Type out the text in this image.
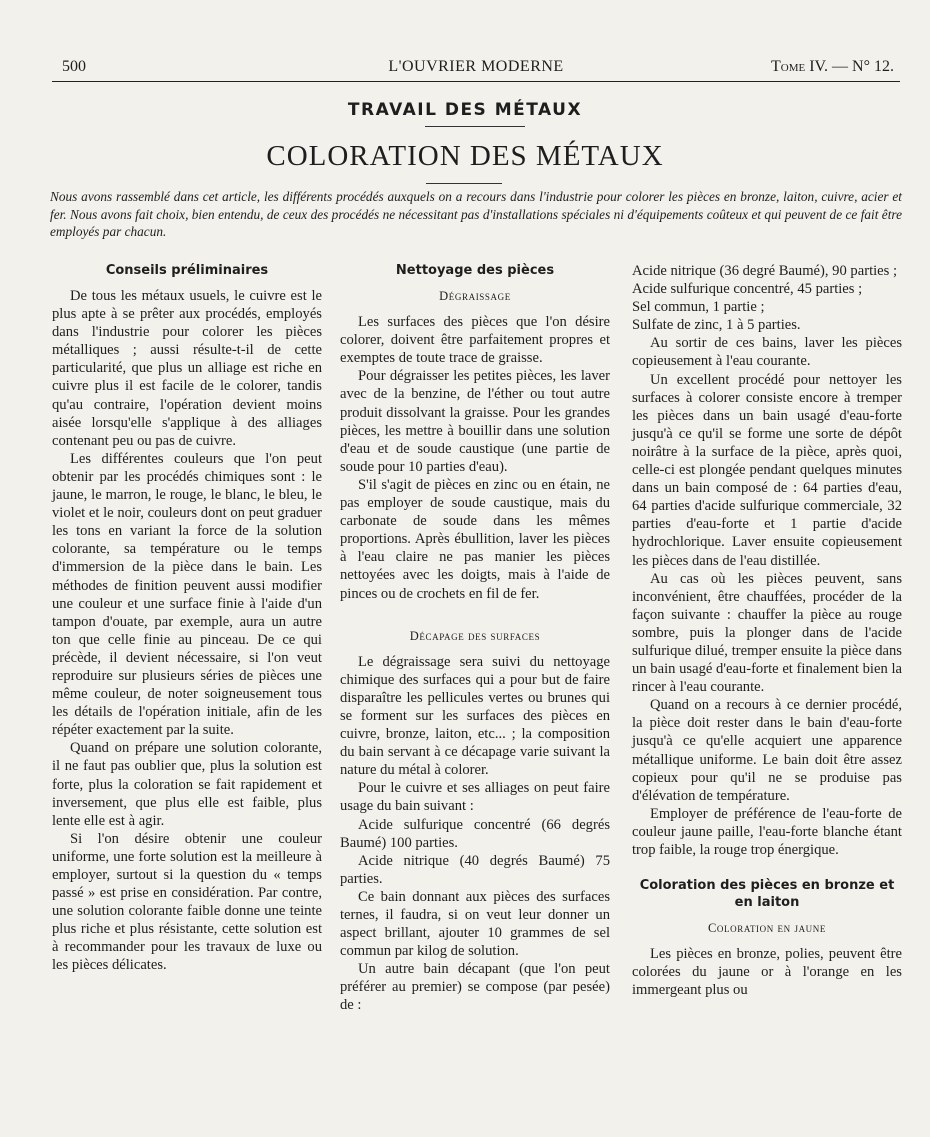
500	L'OUVRIER MODERNE	Tome IV. — N° 12.
TRAVAIL DES MÉTAUX
COLORATION DES MÉTAUX
Nous avons rassemblé dans cet article, les différents procédés auxquels on a recours dans l'industrie pour colorer les pièces en bronze, laiton, cuivre, acier et fer. Nous avons fait choix, bien entendu, de ceux des procédés ne nécessitant pas d'installations spéciales ni d'équipements coûteux et qui peuvent de ce fait être employés par chacun.
Conseils préliminaires

De tous les métaux usuels, le cuivre est le plus apte à se prêter aux procédés, employés dans l'industrie pour colorer les pièces métalliques ; aussi résulte-t-il de cette particularité, que plus un alliage est riche en cuivre plus il est facile de le colorer, tandis qu'au contraire, l'opération devient moins aisée lorsqu'elle s'applique à des alliages contenant peu ou pas de cuivre.

Les différentes couleurs que l'on peut obtenir par les procédés chimiques sont : le jaune, le marron, le rouge, le blanc, le bleu, le violet et le noir, couleurs dont on peut graduer les tons en variant la force de la solution colorante, sa température ou le temps d'immersion de la pièce dans le bain. Les méthodes de finition peuvent aussi modifier une couleur et une surface finie à l'aide d'un tampon d'ouate, par exemple, aura un autre ton que celle finie au pinceau. De ce qui précède, il devient nécessaire, si l'on veut reproduire sur plusieurs séries de pièces une même couleur, de noter soigneusement tous les détails de l'opération initiale, afin de les répéter exactement par la suite.

Quand on prépare une solution colorante, il ne faut pas oublier que, plus la solution est forte, plus la coloration se fait rapidement et inversement, que plus elle est faible, plus lente elle est à agir.

Si l'on désire obtenir une couleur uniforme, une forte solution est la meilleure à employer, surtout si la question du « temps passé » est prise en considération. Par contre, une solution colorante faible donne une teinte plus riche et plus résistante, cette solution est à recommander pour les travaux de luxe ou les pièces délicates.

Nettoyage des pièces
Dégraissage

Les surfaces des pièces que l'on désire colorer, doivent être parfaitement propres et exemptes de toute trace de graisse.

Pour dégraisser les petites pièces, les laver avec de la benzine, de l'éther ou tout autre produit dissolvant la graisse. Pour les grandes pièces, les mettre à bouillir dans une solution d'eau et de soude caustique (une partie de soude pour 10 parties d'eau).

S'il s'agit de pièces en zinc ou en étain, ne pas employer de soude caustique, mais du carbonate de soude dans les mêmes proportions. Après ébullition, laver les pièces à l'eau claire ne pas manier les pièces nettoyées avec les doigts, mais à l'aide de pinces ou de crochets en fil de fer.

Décapage des surfaces

Le dégraissage sera suivi du nettoyage chimique des surfaces qui a pour but de faire disparaître les pellicules vertes ou brunes qui se forment sur les surfaces des pièces en cuivre, bronze, laiton, etc... ; la composition du bain servant à ce décapage varie suivant la nature du métal à colorer.

Pour le cuivre et ses alliages on peut faire usage du bain suivant :

Acide sulfurique concentré (66 degrés Baumé) 100 parties.

Acide nitrique (40 degrés Baumé) 75 parties.

Ce bain donnant aux pièces des surfaces ternes, il faudra, si on veut leur donner un aspect brillant, ajouter 10 grammes de sel commun par kilog de solution.

Un autre bain décapant (que l'on peut préférer au premier) se compose (par pesée) de :

Acide nitrique (36 degré Baumé), 90 parties ;

Acide sulfurique concentré, 45 parties ;

Sel commun, 1 partie ;

Sulfate de zinc, 1 à 5 parties.

Au sortir de ces bains, laver les pièces copieusement à l'eau courante.

Un excellent procédé pour nettoyer les surfaces à colorer consiste encore à tremper les pièces dans un bain usagé d'eau-forte jusqu'à ce qu'il se forme une sorte de dépôt noirâtre à la surface de la pièce, après quoi, celle-ci est plongée pendant quelques minutes dans un bain composé de : 64 parties d'eau, 64 parties d'acide sulfurique commerciale, 32 parties d'eau-forte et 1 partie d'acide hydrochlorique. Laver ensuite copieusement les pièces dans de l'eau distillée.

Au cas où les pièces peuvent, sans inconvénient, être chauffées, procéder de la façon suivante : chauffer la pièce au rouge sombre, puis la plonger dans de l'acide sulfurique dilué, tremper ensuite la pièce dans un bain usagé d'eau-forte et finalement bien la rincer à l'eau courante.

Quand on a recours à ce dernier procédé, la pièce doit rester dans le bain d'eau-forte jusqu'à ce qu'elle acquiert une apparence métallique uniforme. Le bain doit être assez copieux pour qu'il ne se produise pas d'élévation de température.

Employer de préférence de l'eau-forte de couleur jaune paille, l'eau-forte blanche étant trop faible, la rouge trop énergique.

Coloration des pièces en bronze et en laiton
Coloration en jaune

Les pièces en bronze, polies, peuvent être colorées du jaune or à l'orange en les immergeant plus ou
